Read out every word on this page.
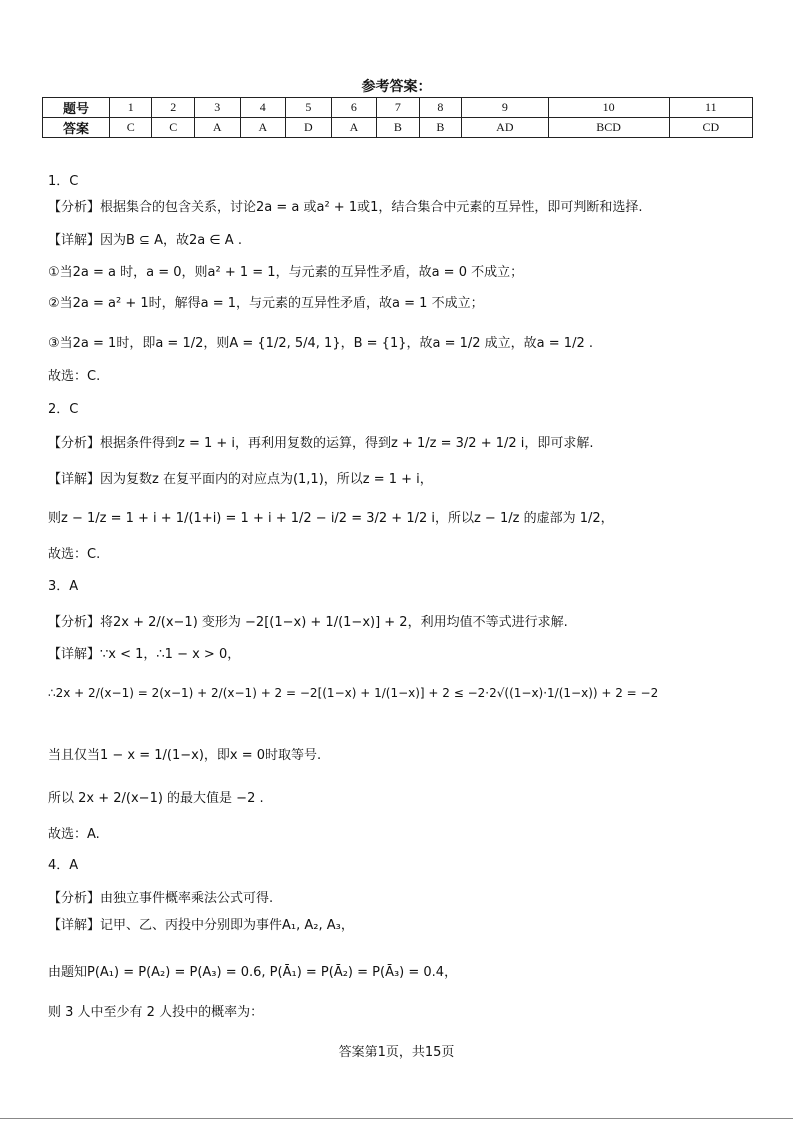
参考答案：
题号	1	2	3	4	5	6	7	8	9	10	11
答案	C	C	A	A	D	A	B	B	AD	BCD	CD
1．C
【分析】根据集合的包含关系，讨论2a = a 或a² + 1或1，结合集合中元素的互异性，即可判断和选择.
【详解】因为B ⊆ A，故2a ∈ A .
①当2a = a 时，a = 0，则a² + 1 = 1，与元素的互异性矛盾，故a = 0 不成立；
②当2a = a² + 1时，解得a = 1，与元素的互异性矛盾，故a = 1 不成立；
③当2a = 1时，即a = 1/2，则A = {1/2, 5/4, 1}，B = {1}，故a = 1/2 成立，故a = 1/2 .
故选：C.
2．C
【分析】根据条件得到z = 1 + i，再利用复数的运算，得到z + 1/z = 3/2 + 1/2 i，即可求解.
【详解】因为复数z 在复平面内的对应点为(1,1)，所以z = 1 + i，
则z − 1/z = 1 + i + 1/(1+i) = 1 + i + 1/2 − i/2 = 3/2 + 1/2 i，所以z − 1/z 的虚部为 1/2，
故选：C.
3．A
【分析】将2x + 2/(x−1) 变形为 −2[(1−x) + 1/(1−x)] + 2，利用均值不等式进行求解.
【详解】∵x < 1，∴1 − x > 0，
∴2x + 2/(x−1) = 2(x−1) + 2/(x−1) + 2 = −2[(1−x) + 1/(1−x)] + 2 ≤ −2·2√((1−x)·1/(1−x)) + 2 = −2
当且仅当1 − x = 1/(1−x)，即x = 0时取等号.
所以 2x + 2/(x−1) 的最大值是 −2 .
故选：A.
4．A
【分析】由独立事件概率乘法公式可得.
【详解】记甲、乙、丙投中分别即为事件A₁, A₂, A₃，
由题知P(A₁) = P(A₂) = P(A₃) = 0.6, P(Ā₁) = P(Ā₂) = P(Ā₃) = 0.4，
则 3 人中至少有 2 人投中的概率为：
答案第1页，共15页
